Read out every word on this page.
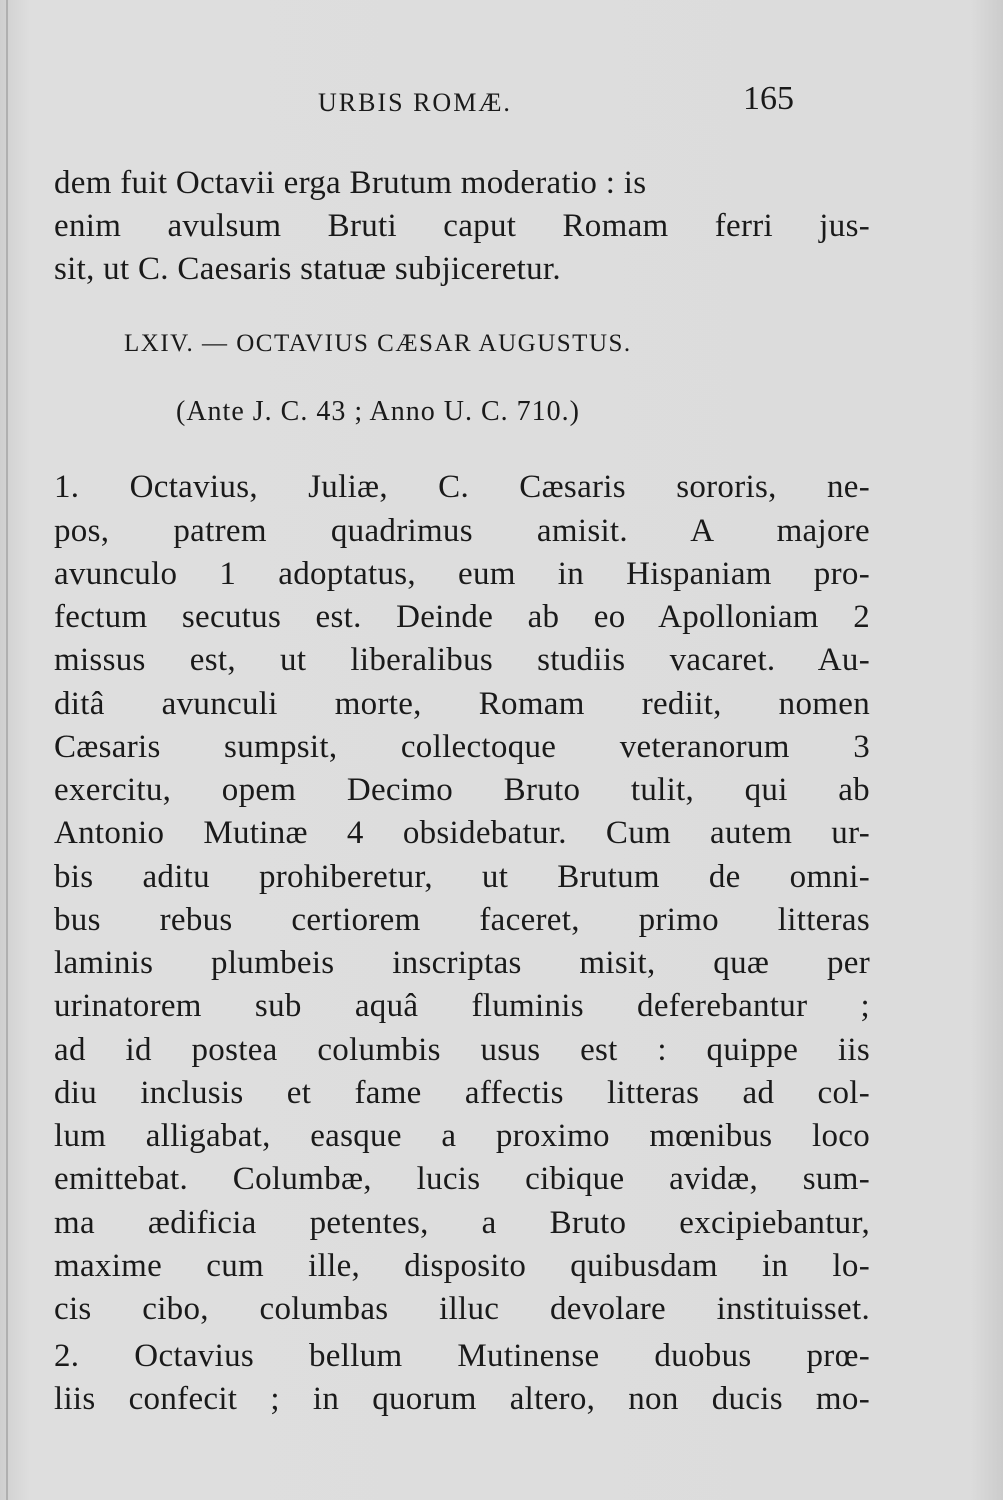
URBIS ROMÆ.	165
dem fuit Octavii erga Brutum moderatio : is
enim avulsum Bruti caput Romam ferri jus-
sit, ut C. Caesaris statuæ subjiceretur.
LXIV. — OCTAVIUS CÆSAR AUGUSTUS.
(Ante J. C. 43 ; Anno U. C. 710.)
1. Octavius, Juliæ, C. Cæsaris sororis, ne-
pos, patrem quadrimus amisit. A majore
avunculo 1 adoptatus, eum in Hispaniam pro-
fectum secutus est. Deinde ab eo Apolloniam 2
missus est, ut liberalibus studiis vacaret. Au-
ditâ avunculi morte, Romam rediit, nomen
Cæsaris sumpsit, collectoque veteranorum 3
exercitu, opem Decimo Bruto tulit, qui ab
Antonio Mutinæ 4 obsidebatur. Cum autem ur-
bis aditu prohiberetur, ut Brutum de omni-
bus rebus certiorem faceret, primo litteras
laminis plumbeis inscriptas misit, quæ per
urinatorem sub aquâ fluminis deferebantur ;
ad id postea columbis usus est : quippe iis
diu inclusis et fame affectis litteras ad col-
lum alligabat, easque a proximo mœnibus loco
emittebat. Columbæ, lucis cibique avidæ, sum-
ma ædificia petentes, a Bruto excipiebantur,
maxime cum ille, disposito quibusdam in lo-
cis cibo, columbas illuc devolare instituisset.
2. Octavius bellum Mutinense duobus prœ-
liis confecit ; in quorum altero, non ducis mo-
